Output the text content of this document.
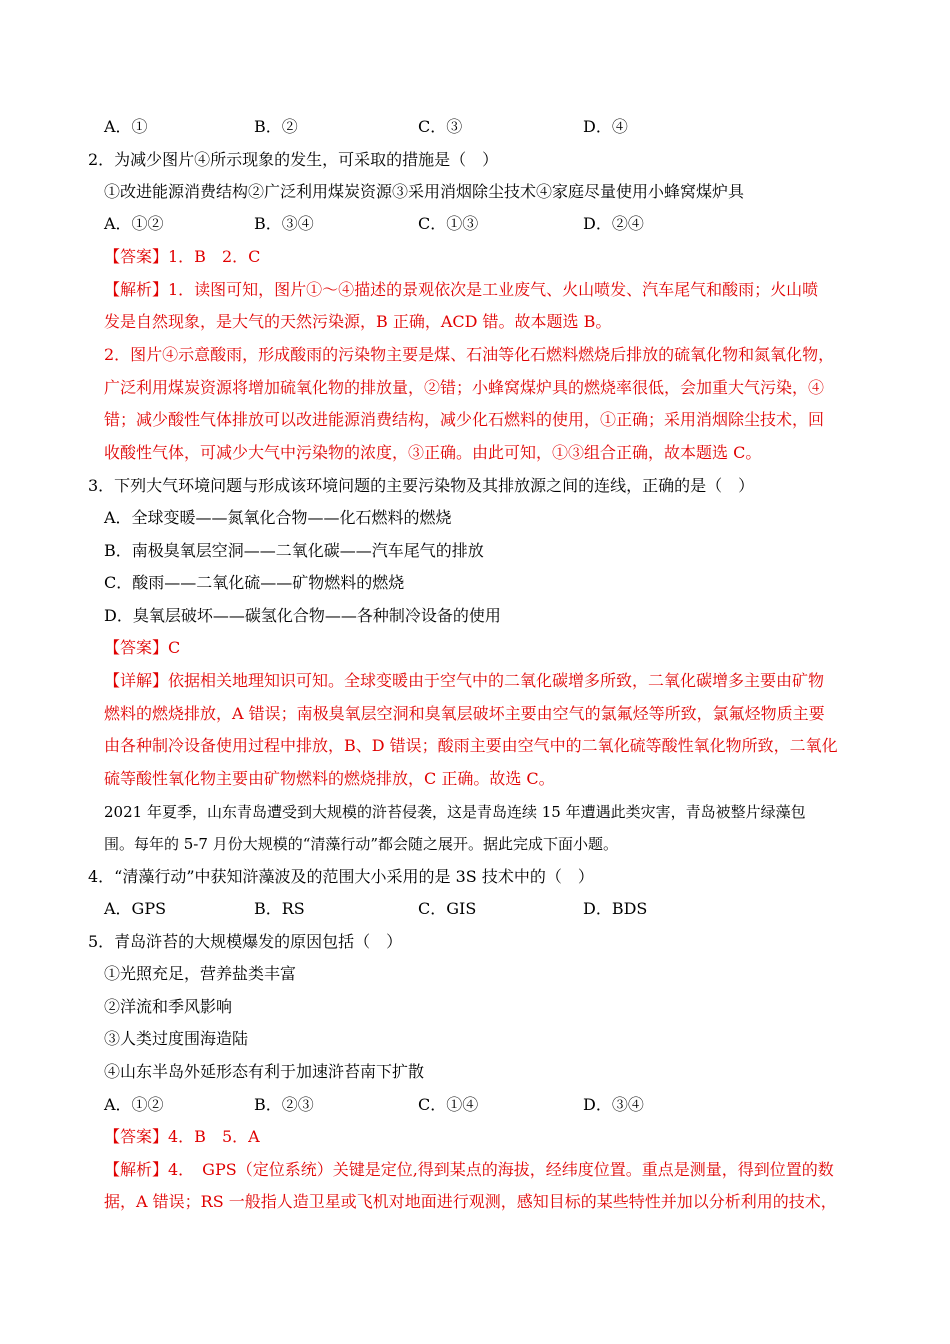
A．①	B．②	C．③	D．④
2．为减少图片④所示现象的发生，可采取的措施是（　）
①改进能源消费结构②广泛利用煤炭资源③采用消烟除尘技术④家庭尽量使用小蜂窝煤炉具
A．①②	B．③④	C．①③	D．②④
【答案】1．B　2．C
【解析】1．读图可知，图片①～④描述的景观依次是工业废气、火山喷发、汽车尾气和酸雨；火山喷
发是自然现象，是大气的天然污染源，B 正确，ACD 错。故本题选 B。
2．图片④示意酸雨，形成酸雨的污染物主要是煤、石油等化石燃料燃烧后排放的硫氧化物和氮氧化物，
广泛利用煤炭资源将增加硫氧化物的排放量，②错；小蜂窝煤炉具的燃烧率很低，会加重大气污染，④
错；减少酸性气体排放可以改进能源消费结构，减少化石燃料的使用，①正确；采用消烟除尘技术，回
收酸性气体，可减少大气中污染物的浓度，③正确。由此可知，①③组合正确，故本题选 C。
3．下列大气环境问题与形成该环境问题的主要污染物及其排放源之间的连线，正确的是（　）
A．全球变暖——氮氧化合物——化石燃料的燃烧
B．南极臭氧层空洞——二氧化碳——汽车尾气的排放
C．酸雨——二氧化硫——矿物燃料的燃烧
D．臭氧层破坏——碳氢化合物——各种制冷设备的使用
【答案】C
【详解】依据相关地理知识可知。全球变暖由于空气中的二氧化碳增多所致，二氧化碳增多主要由矿物
燃料的燃烧排放，A 错误；南极臭氧层空洞和臭氧层破坏主要由空气的氯氟烃等所致，氯氟烃物质主要
由各种制冷设备使用过程中排放，B、D 错误；酸雨主要由空气中的二氧化硫等酸性氧化物所致，二氧化
硫等酸性氧化物主要由矿物燃料的燃烧排放，C 正确。故选 C。
2021 年夏季，山东青岛遭受到大规模的浒苔侵袭，这是青岛连续 15 年遭遇此类灾害，青岛被整片绿藻包
围。每年的 5-7 月份大规模的“清藻行动”都会随之展开。据此完成下面小题。
4．“清藻行动”中获知浒藻波及的范围大小采用的是 3S 技术中的（　）
A．GPS	B．RS	C．GIS	D．BDS
5．青岛浒苔的大规模爆发的原因包括（　）
①光照充足，营养盐类丰富
②洋流和季风影响
③人类过度围海造陆
④山东半岛外延形态有利于加速浒苔南下扩散
A．①②	B．②③	C．①④	D．③④
【答案】4．B　5．A
【解析】4．　GPS（定位系统）关键是定位,得到某点的海拔，经纬度位置。重点是测量，得到位置的数
据，A 错误；RS 一般指人造卫星或飞机对地面进行观测，感知目标的某些特性并加以分析利用的技术，
